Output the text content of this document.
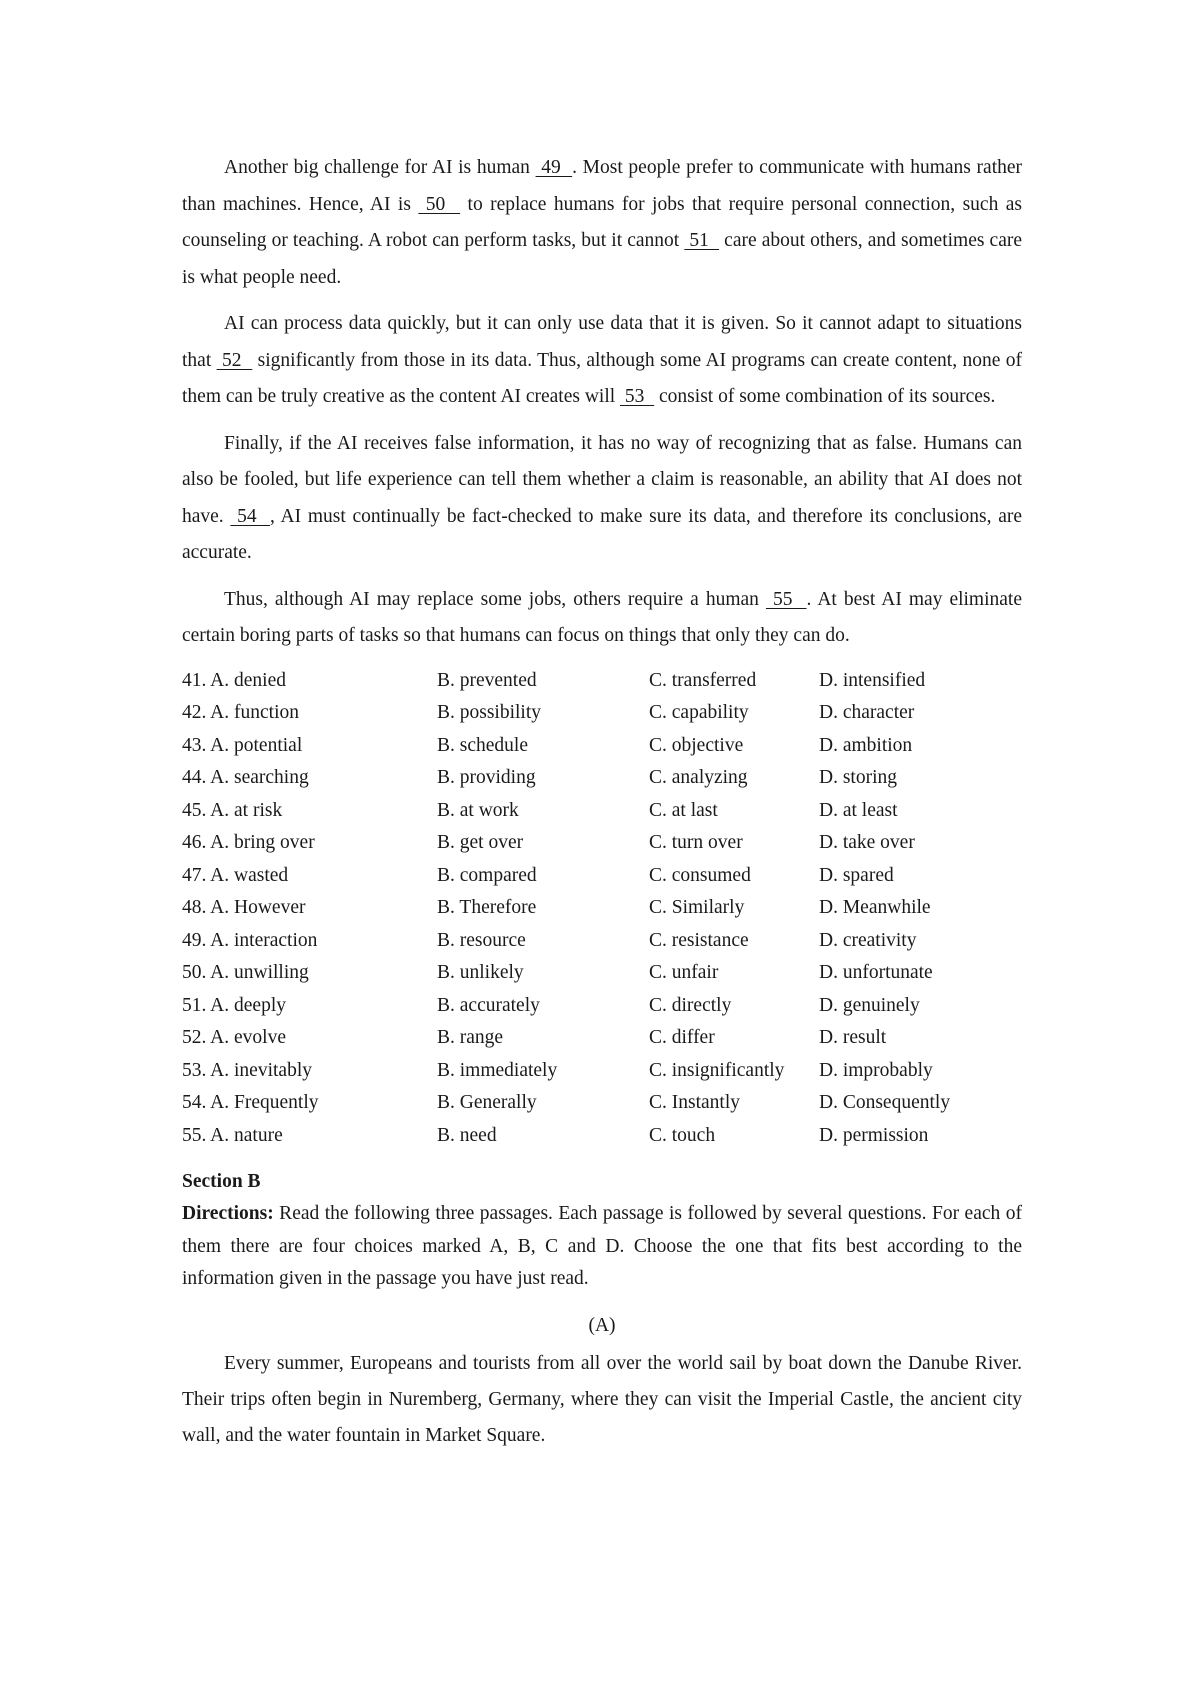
Another big challenge for AI is human  49  . Most people prefer to communicate with humans rather than machines. Hence, AI is  50   to replace humans for jobs that require personal connection, such as counseling or teaching. A robot can perform tasks, but it cannot  51   care about others, and sometimes care is what people need.

AI can process data quickly, but it can only use data that it is given. So it cannot adapt to situations that  52   significantly from those in its data. Thus, although some AI programs can create content, none of them can be truly creative as the content AI creates will  53   consist of some combination of its sources.

Finally, if the AI receives false information, it has no way of recognizing that as false. Humans can also be fooled, but life experience can tell them whether a claim is reasonable, an ability that AI does not have.  54  , AI must continually be fact-checked to make sure its data, and therefore its conclusions, are accurate.

Thus, although AI may replace some jobs, others require a human  55  . At best AI may eliminate certain boring parts of tasks so that humans can focus on things that only they can do.

41. A. denied	B. prevented	C. transferred	D. intensified
42. A. function	B. possibility	C. capability	D. character
43. A. potential	B. schedule	C. objective	D. ambition
44. A. searching	B. providing	C. analyzing	D. storing
45. A. at risk	B. at work	C. at last	D. at least
46. A. bring over	B. get over	C. turn over	D. take over
47. A. wasted	B. compared	C. consumed	D. spared
48. A. However	B. Therefore	C. Similarly	D. Meanwhile
49. A. interaction	B. resource	C. resistance	D. creativity
50. A. unwilling	B. unlikely	C. unfair	D. unfortunate
51. A. deeply	B. accurately	C. directly	D. genuinely
52. A. evolve	B. range	C. differ	D. result
53. A. inevitably	B. immediately	C. insignificantly	D. improbably
54. A. Frequently	B. Generally	C. Instantly	D. Consequently
55. A. nature	B. need	C. touch	D. permission
Section B

Directions: Read the following three passages. Each passage is followed by several questions. For each of them there are four choices marked A, B, C and D. Choose the one that fits best according to the information given in the passage you have just read.

(A)

Every summer, Europeans and tourists from all over the world sail by boat down the Danube River. Their trips often begin in Nuremberg, Germany, where they can visit the Imperial Castle, the ancient city wall, and the water fountain in Market Square.
